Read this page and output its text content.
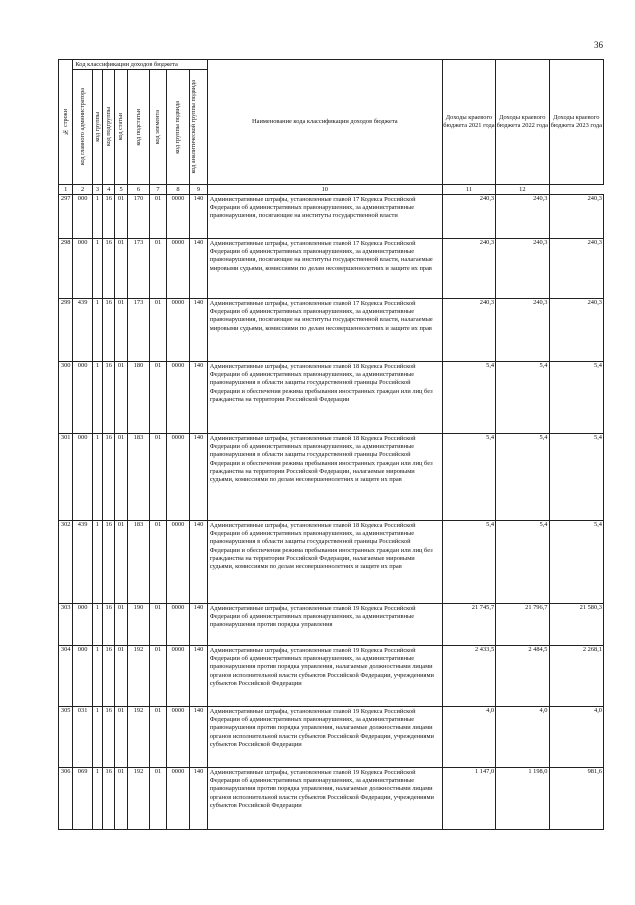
36
№ строки	Код классификации доходов бюджета								Наименование кода классификации доходов бюджета	Доходы краевого бюджета 2021 года	Доходы краевого бюджета 2022 года	Доходы краевого бюджета 2023 года

	код главного администратора	код группы	код подгруппы	код статьи	код подстатьи	код элемента	код группы подвида	код аналитической группы подвида				

1	2	3	4	5	6	7	8	9	10	11	12	
297	000	1	16	01	170	01	0000	140	Административные штрафы, установленные главой 17 Кодекса Российской Федерации об административных правонарушениях, за административные правонарушения, посягающие на институты государственной власти	240,3	240,3	240,3
298	000	1	16	01	173	01	0000	140	Административные штрафы, установленные главой 17 Кодекса Российской Федерации об административных правонарушениях, за административные правонарушения, посягающие на институты государственной власти, налагаемые мировыми судьями, комиссиями по делам несовершеннолетних и защите их прав	240,3	240,3	240,3
299	439	1	16	01	173	01	0000	140	Административные штрафы, установленные главой 17 Кодекса Российской Федерации об административных правонарушениях, за административные правонарушения, посягающие на институты государственной власти, налагаемые мировыми судьями, комиссиями по делам несовершеннолетних и защите их прав	240,3	240,3	240,3
300	000	1	16	01	180	01	0000	140	Административные штрафы, установленные главой 18 Кодекса Российской Федерации об административных правонарушениях, за административные правонарушения в области защиты государственной границы Российской Федерации и обеспечения режима пребывания иностранных граждан или лиц без гражданства на территории Российской Федерации	5,4	5,4	5,4
301	000	1	16	01	183	01	0000	140	Административные штрафы, установленные главой 18 Кодекса Российской Федерации об административных правонарушениях, за административные правонарушения в области защиты государственной границы Российской Федерации и обеспечения режима пребывания иностранных граждан или лиц без гражданства на территории Российской Федерации, налагаемые мировыми судьями, комиссиями по делам несовершеннолетних и защите их прав	5,4	5,4	5,4
302	439	1	16	01	183	01	0000	140	Административные штрафы, установленные главой 18 Кодекса Российской Федерации об административных правонарушениях, за административные правонарушения в области защиты государственной границы Российской Федерации и обеспечения режима пребывания иностранных граждан или лиц без гражданства на территории Российской Федерации, налагаемые мировыми судьями, комиссиями по делам несовершеннолетних и защите их прав	5,4	5,4	5,4
303	000	1	16	01	190	01	0000	140	Административные штрафы, установленные главой 19 Кодекса Российской Федерации об административных правонарушениях, за административные правонарушения против порядка управления	21 745,7	21 796,7	21 580,3
304	000	1	16	01	192	01	0000	140	Административные штрафы, установленные главой 19 Кодекса Российской Федерации об административных правонарушениях, за административные правонарушения против порядка управления, налагаемые должностными лицами органов исполнительной власти субъектов Российской Федерации, учреждениями субъектов Российской Федерации	2 433,5	2 484,5	2 268,1
305	031	1	16	01	192	01	0000	140	Административные штрафы, установленные главой 19 Кодекса Российской Федерации об административных правонарушениях, за административные правонарушения против порядка управления, налагаемые должностными лицами органов исполнительной власти субъектов Российской Федерации, учреждениями субъектов Российской Федерации	4,0	4,0	4,0
306	069	1	16	01	192	01	0000	140	Административные штрафы, установленные главой 19 Кодекса Российской Федерации об административных правонарушениях, за административные правонарушения против порядка управления, налагаемые должностными лицами органов исполнительной власти субъектов Российской Федерации, учреждениями субъектов Российской Федерации	1 147,0	1 198,0	981,6
